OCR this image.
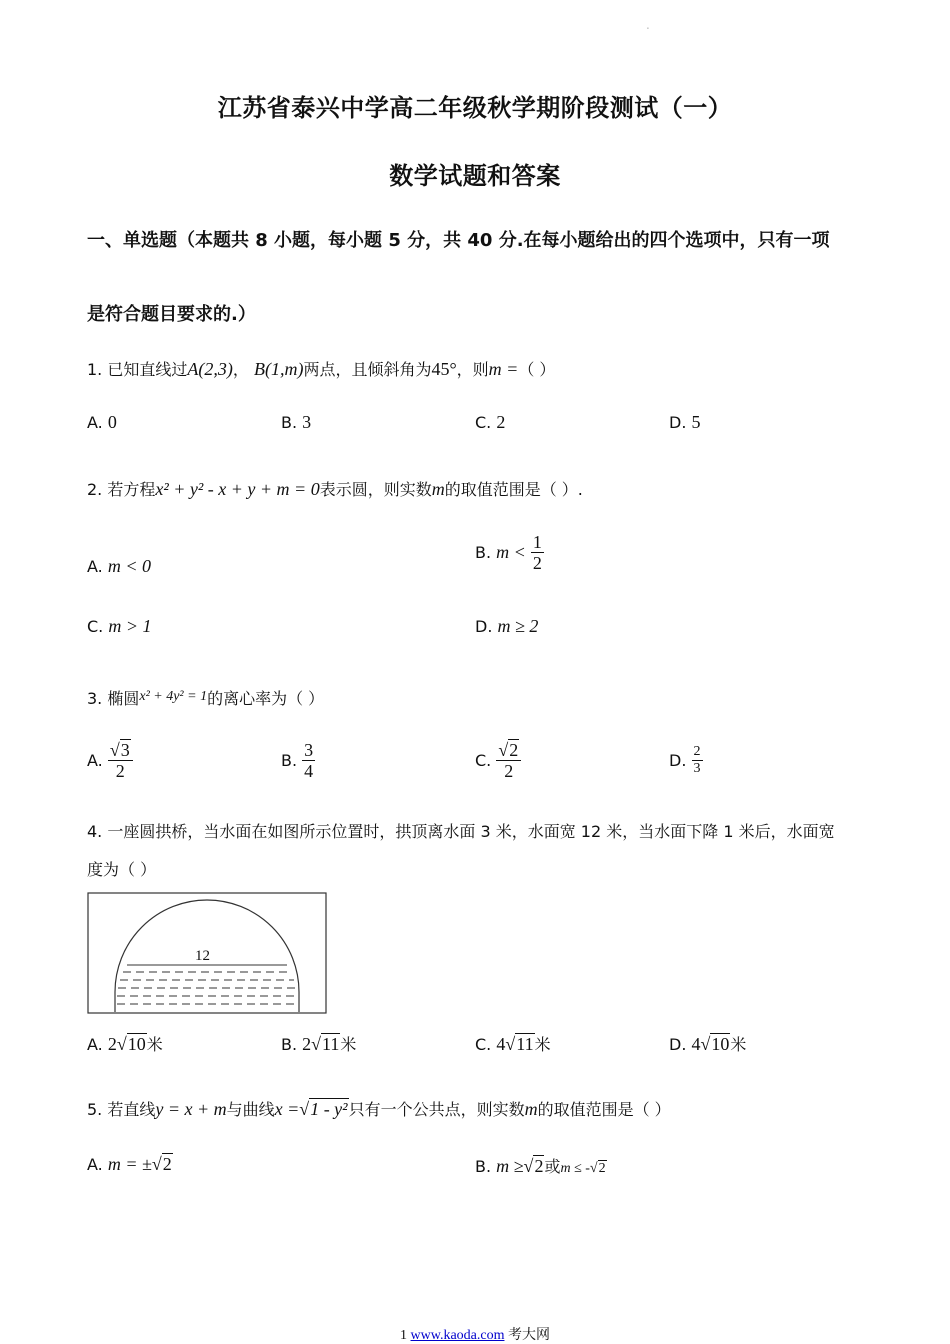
.
江苏省泰兴中学高二年级秋学期阶段测试（一）
数学试题和答案
一、单选题（本题共 8 小题，每小题 5 分，共 40 分.在每小题给出的四个选项中，只有一项
是符合题目要求的.）
1. 已知直线过A(2,3)， B(1,m)两点，且倾斜角为45°，则m =（ ）
A. 0	B. 3	C. 2	D. 5
2. 若方程x² + y² - x + y + m = 0表示圆，则实数m的取值范围是（ ）.
A. m < 0
B. $m < \frac{1}{2}$
C. m > 1	D. m ≥ 2
3. 椭圆x² + 4y² = 1的离心率为（ ）
A. $\frac{√3}{2}$	B. $\frac{3}{4}$	C. $\frac{√2}{2}$	D. $\frac{2}{3}$
4. 一座圆拱桥，当水面在如图所示位置时，拱顶离水面 3 米，水面宽 12 米，当水面下降 1 米后，水面宽
度为（ ）
12
A. 2√10米	B. 2√11米	C. 4√11米	D. 4√10米
5. 若直线y = x + m与曲线x =√1 - y²只有一个公共点，则实数m的取值范围是（ ）
A. m = ±√2	B. m ≥√2或m ≤ -√2
1 www.kaoda.com 考大网
